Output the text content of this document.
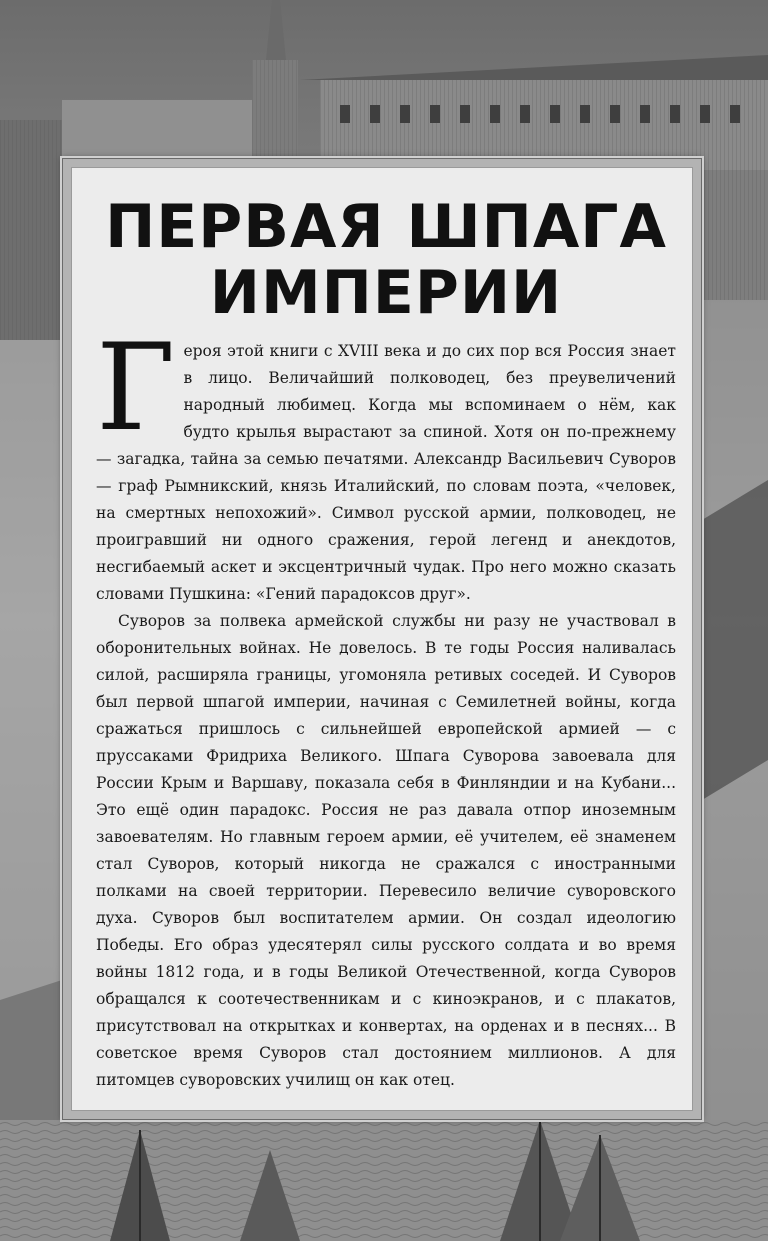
ПЕРВАЯ ШПАГА
ИМПЕРИИ

Героя этой книги с XVIII века и до сих пор вся Россия знает в лицо. Величайший полководец, без преувеличений народный любимец. Когда мы вспоминаем о нём, как будто крылья вырастают за спиной. Хотя он по-прежнему — загадка, тайна за семью печатями. Александр Васильевич Суворов — граф Рымникский, князь Италийский, по словам поэта, «человек, на смертных непохожий». Символ русской армии, полководец, не проигравший ни одного сражения, герой легенд и анекдотов, несгибаемый аскет и эксцентричный чудак. Про него можно сказать словами Пушкина: «Гений парадоксов друг».

Суворов за полвека армейской службы ни разу не участвовал в оборонительных войнах. Не довелось. В те годы Россия наливалась силой, расширяла границы, угомоняла ретивых соседей. И Суворов был первой шпагой империи, начиная с Семилетней войны, когда сражаться пришлось с сильнейшей европейской армией — с пруссаками Фридриха Великого. Шпага Суворова завоевала для России Крым и Варшаву, показала себя в Финляндии и на Кубани... Это ещё один парадокс. Россия не раз давала отпор иноземным завоевателям. Но главным героем армии, её учителем, её знаменем стал Суворов, который никогда не сражался с иностранными полками на своей территории. Перевесило величие суворовского духа. Суворов был воспитателем армии. Он создал идеологию Победы. Его образ удесятерял силы русского солдата и во время войны 1812 года, и в годы Великой Отечественной, когда Суворов обращался к соотечественникам и с киноэкранов, и с плакатов, присутствовал на открытках и конвертах, на орденах и в песнях... В советское время Суворов стал достоянием миллионов. А для питомцев суворовских училищ он как отец.
